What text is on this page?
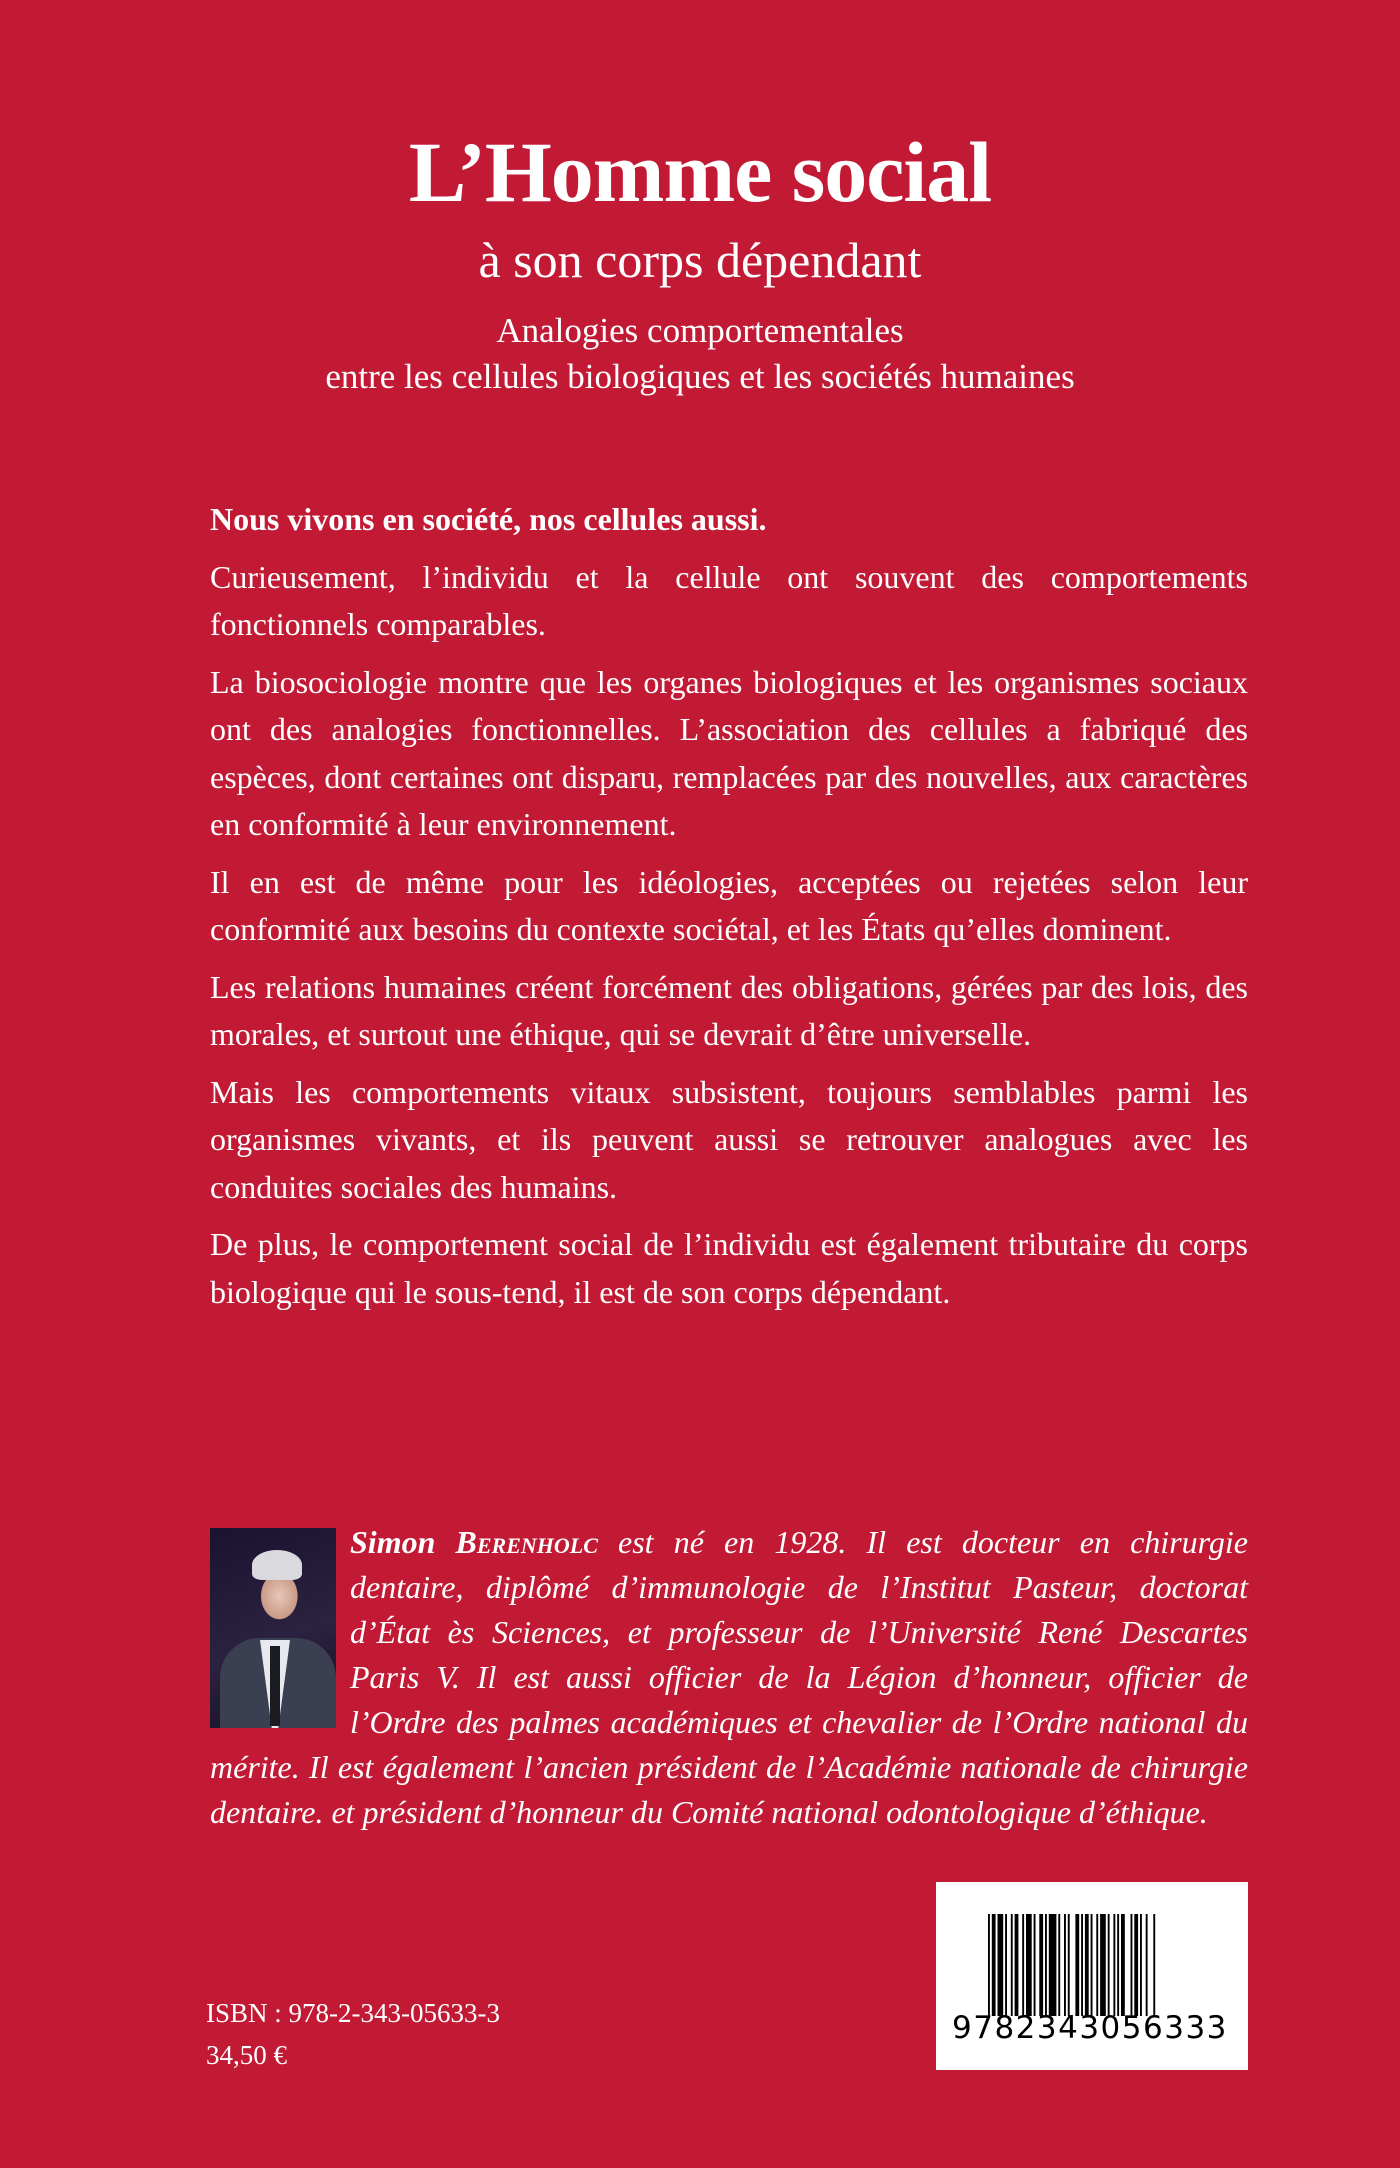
L’Homme social
à son corps dépendant
Analogies comportementales
entre les cellules biologiques et les sociétés humaines

Nous vivons en société, nos cellules aussi.

Curieusement, l’individu et la cellule ont souvent des comportements fonctionnels comparables.

La biosociologie montre que les organes biologiques et les organismes sociaux ont des analogies fonctionnelles. L’association des cellules a fabriqué des espèces, dont certaines ont disparu, remplacées par des nouvelles, aux caractères en conformité à leur environnement.

Il en est de même pour les idéologies, acceptées ou rejetées selon leur conformité aux besoins du contexte sociétal, et les États qu’elles dominent.

Les relations humaines créent forcément des obligations, gérées par des lois, des morales, et surtout une éthique, qui se devrait d’être universelle.

Mais les comportements vitaux subsistent, toujours semblables parmi les organismes vivants, et ils peuvent aussi se retrouver analogues avec les conduites sociales des humains.

De plus, le comportement social de l’individu est également tributaire du corps biologique qui le sous-tend, il est de son corps dépendant.

Simon Berenholc est né en 1928. Il est docteur en chirurgie dentaire, diplômé d’immunologie de l’Institut Pasteur, doctorat d’État ès Sciences, et professeur de l’Université René Descartes Paris V. Il est aussi officier de la Légion d’honneur, officier de l’Ordre des palmes académiques et chevalier de l’Ordre national du mérite. Il est également l’ancien président de l’Académie nationale de chirurgie dentaire. et président d’honneur du Comité national odontologique d’éthique.
ISBN : 978-2-343-05633-3
34,50 €
9782343056333
